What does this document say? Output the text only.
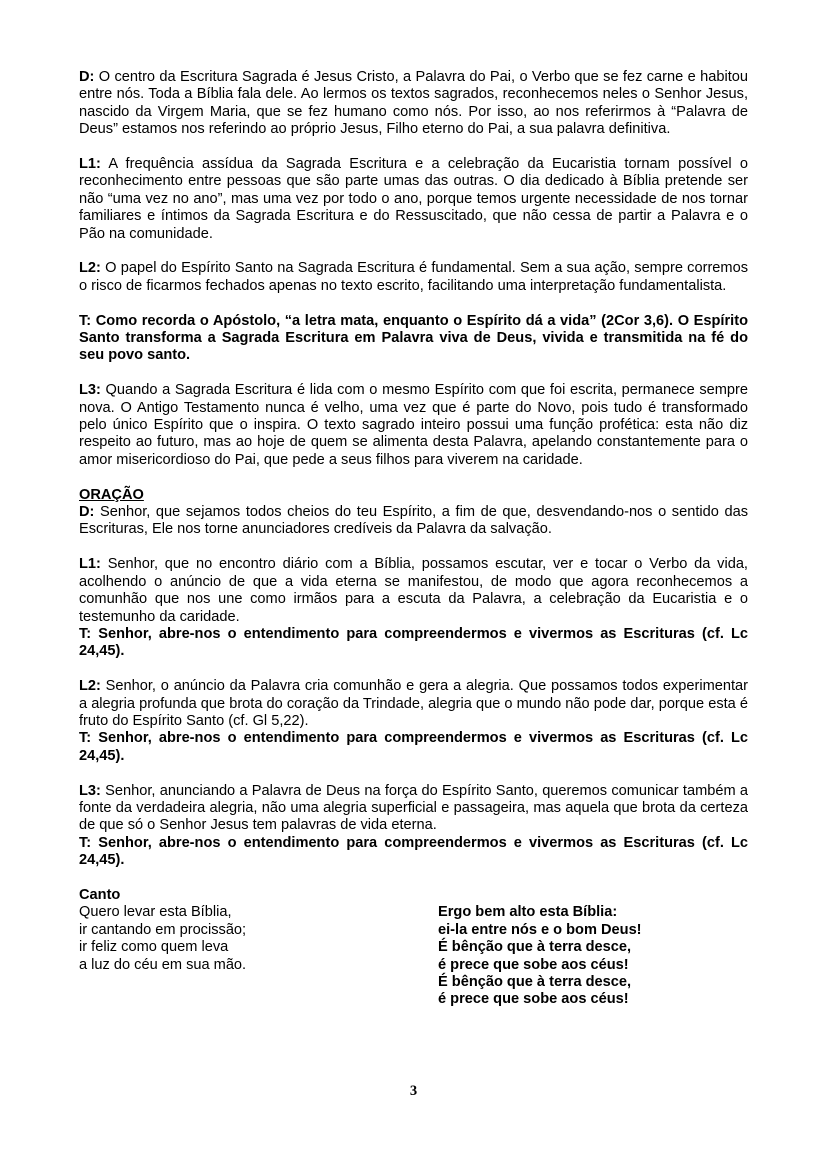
D: O centro da Escritura Sagrada é Jesus Cristo, a Palavra do Pai, o Verbo que se fez carne e habitou entre nós. Toda a Bíblia fala dele. Ao lermos os textos sagrados, reconhecemos neles o Senhor Jesus, nascido da Virgem Maria, que se fez humano como nós. Por isso, ao nos referirmos à “Palavra de Deus” estamos nos referindo ao próprio Jesus, Filho eterno do Pai, a sua palavra definitiva.

L1: A frequência assídua da Sagrada Escritura e a celebração da Eucaristia tornam possível o reconhecimento entre pessoas que são parte umas das outras. O dia dedicado à Bíblia pretende ser não “uma vez no ano”, mas uma vez por todo o ano, porque temos urgente necessidade de nos tornar familiares e íntimos da Sagrada Escritura e do Ressuscitado, que não cessa de partir a Palavra e o Pão na comunidade.

L2: O papel do Espírito Santo na Sagrada Escritura é fundamental. Sem a sua ação, sempre corremos o risco de ficarmos fechados apenas no texto escrito, facilitando uma interpretação fundamentalista.

T: Como recorda o Apóstolo, “a letra mata, enquanto o Espírito dá a vida” (2Cor 3,6). O Espírito Santo transforma a Sagrada Escritura em Palavra viva de Deus, vivida e transmitida na fé do seu povo santo.

L3: Quando a Sagrada Escritura é lida com o mesmo Espírito com que foi escrita, permanece sempre nova. O Antigo Testamento nunca é velho, uma vez que é parte do Novo, pois tudo é transformado pelo único Espírito que o inspira. O texto sagrado inteiro possui uma função profética: esta não diz respeito ao futuro, mas ao hoje de quem se alimenta desta Palavra, apelando constantemente para o amor misericordioso do Pai, que pede a seus filhos para viverem na caridade.

ORAÇÃO

D: Senhor, que sejamos todos cheios do teu Espírito, a fim de que, desvendando-nos o sentido das Escrituras, Ele nos torne anunciadores credíveis da Palavra da salvação.

L1: Senhor, que no encontro diário com a Bíblia, possamos escutar, ver e tocar o Verbo da vida, acolhendo o anúncio de que a vida eterna se manifestou, de modo que agora reconhecemos a comunhão que nos une como irmãos para a escuta da Palavra, a celebração da Eucaristia e o testemunho da caridade.

T: Senhor, abre-nos o entendimento para compreendermos e vivermos as Escrituras (cf. Lc 24,45).

L2: Senhor, o anúncio da Palavra cria comunhão e gera a alegria. Que possamos todos experimentar a alegria profunda que brota do coração da Trindade, alegria que o mundo não pode dar, porque esta é fruto do Espírito Santo (cf. Gl 5,22).

T: Senhor, abre-nos o entendimento para compreendermos e vivermos as Escrituras (cf. Lc 24,45).

L3: Senhor, anunciando a Palavra de Deus na força do Espírito Santo, queremos comunicar também a fonte da verdadeira alegria, não uma alegria superficial e passageira, mas aquela que brota da certeza de que só o Senhor Jesus tem palavras de vida eterna.

T: Senhor, abre-nos o entendimento para compreendermos e vivermos as Escrituras (cf. Lc 24,45).

Canto

Quero levar esta Bíblia,
ir cantando em procissão;
ir feliz como quem leva
a luz do céu em sua mão.
Ergo bem alto esta Bíblia:
ei-la entre nós e o bom Deus!
É bênção que à terra desce,
é prece que sobe aos céus!
É bênção que à terra desce,
é prece que sobe aos céus!
3
